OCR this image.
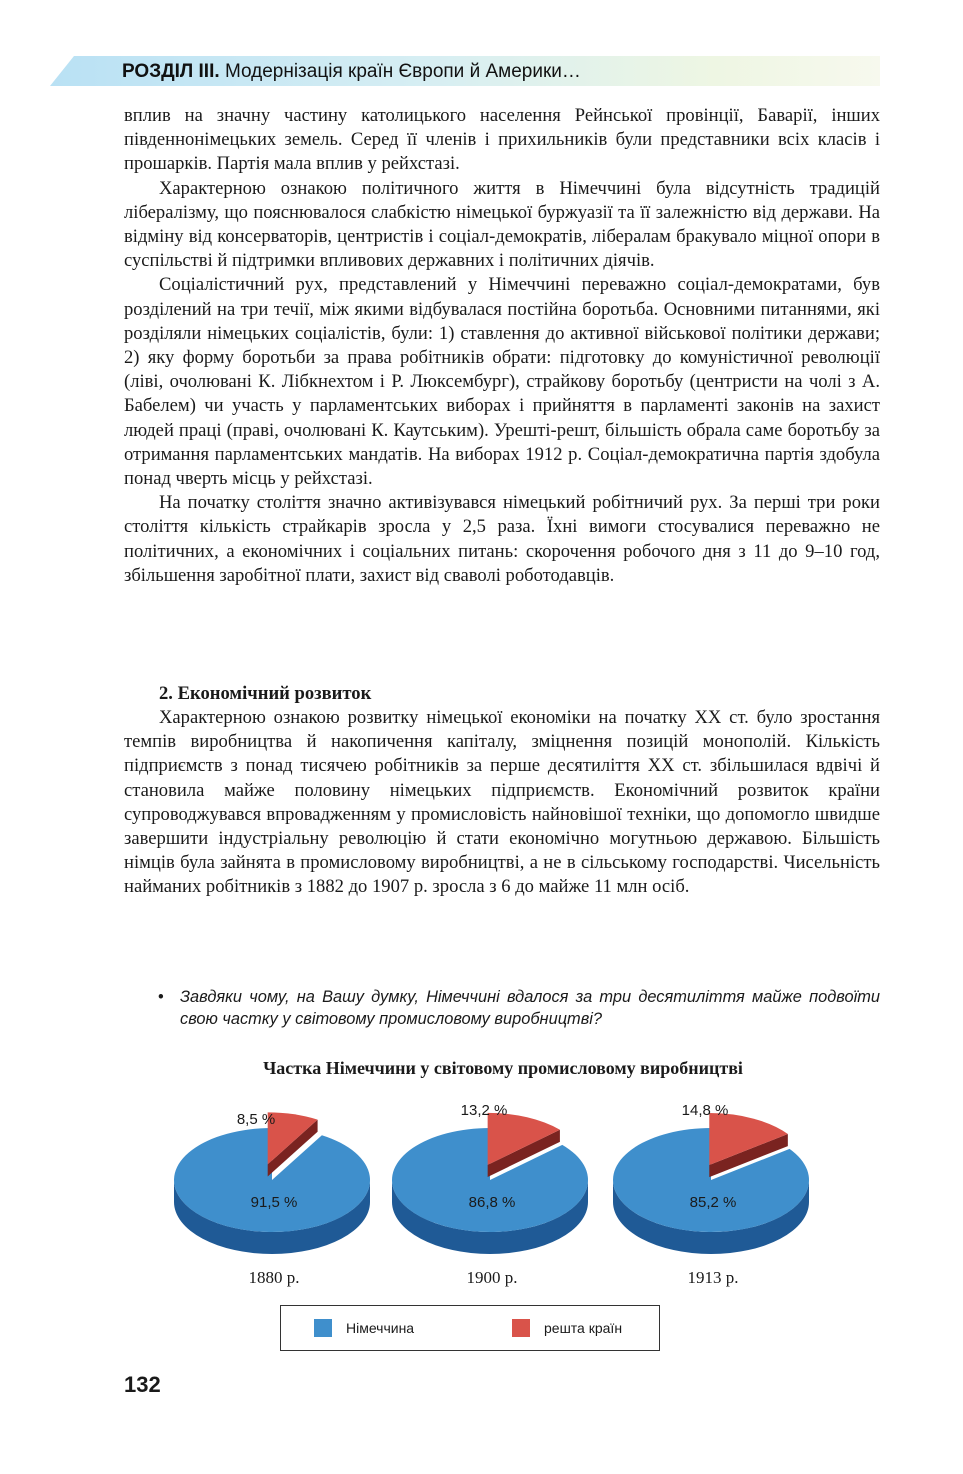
РОЗДІЛ III. Модернізація країн Європи й Америки…

вплив на значну частину католицького населення Рейнської провінції, Баварії, інших південнонімецьких земель. Серед її членів і прихильників були представники всіх класів і прошарків. Партія мала вплив у рейхстазі.

Характерною ознакою політичного життя в Німеччині була відсутність традицій лібералізму, що пояснювалося слабкістю німецької буржуазії та її залежністю від держави. На відміну від консерваторів, центристів і соціал-демократів, лібералам бракувало міцної опори в суспільстві й підтримки впливових державних і політичних діячів.

Соціалістичний рух, представлений у Німеччині переважно соціал-демократами, був розділений на три течії, між якими відбувалася постійна боротьба. Основними питаннями, які розділяли німецьких соціалістів, були: 1) ставлення до активної військової політики держави; 2) яку форму боротьби за права робітників обрати: підготовку до комуністичної революції (ліві, очолювані К. Лібкнехтом і Р. Люксембург), страйкову боротьбу (центристи на чолі з А. Бабелем) чи участь у парламентських виборах і прийняття в парламенті законів на захист людей праці (праві, очолювані К. Каутським). Урешті-решт, більшість обрала саме боротьбу за отримання парламентських мандатів. На виборах 1912 р. Соціал-демократична партія здобула понад чверть місць у рейхстазі.

На початку століття значно активізувався німецький робітничий рух. За перші три роки століття кількість страйкарів зросла у 2,5 раза. Їхні вимоги стосувалися переважно не політичних, а економічних і соціальних питань: скорочення робочого дня з 11 до 9–10 год, збільшення заробітної плати, захист від сваволі роботодавців.

2. Економічний розвиток

Характерною ознакою розвитку німецької економіки на початку XX ст. було зростання темпів виробництва й накопичення капіталу, зміцнення позицій монополій. Кількість підприємств з понад тисячею робітників за перше десятиліття XX ст. збільшилася вдвічі й становила майже половину німецьких підприємств. Економічний розвиток країни супроводжувався впровадженням у промисловість найновішої техніки, що допомогло швидше завершити індустріальну революцію й стати економічно могутньою державою. Більшість німців була зайнята в промисловому виробництві, а не в сільському господарстві. Чисельність найманих робітників з 1882 до 1907 р. зросла з 6 до майже 11 млн осіб.

• Завдяки чому, на Вашу думку, Німеччині вдалося за три десятиліття майже подвоїти свою частку у світовому промисловому виробництві?
Частка Німеччини у світовому промисловому виробництві
91,5 %
8,5 %
1880 р.
86,8 %
13,2 %
1900 р.
85,2 %
14,8 %
1913 р.
Німеччина	решта країн
132
